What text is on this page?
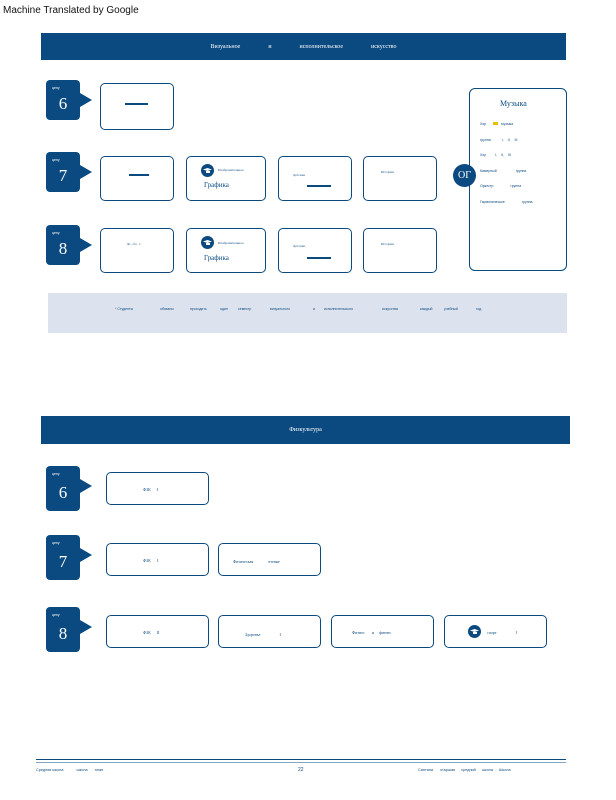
Machine Translated by Google
Визуальное	и	исполнительское	искусство
цену
6
цену
7	Изобразительное
Графика
Детская
История
цену
8	Ф…ба 1	Изобразительное
Графика
Детская	История
Музыка
Хор	музыка
группа	I, II, III
Хор	I, II, III
Камерный	группа
Оркестр	группа
Гармоническое	группа
ОГ
* Студенты	обязаны	проходить	один	семестр	визуального	и	исполнительского	искусства	каждый	учебный	год.
Физкультура
цену
6	ФЗК I
цену
7	ФЗК I	Физическая	чтение
цену
8	ФЗК II	Здоровье	I	Фитнес и фитнес	спорт	I
Средняя школа	школа план	22	Сантана старшая средний школа Школа
